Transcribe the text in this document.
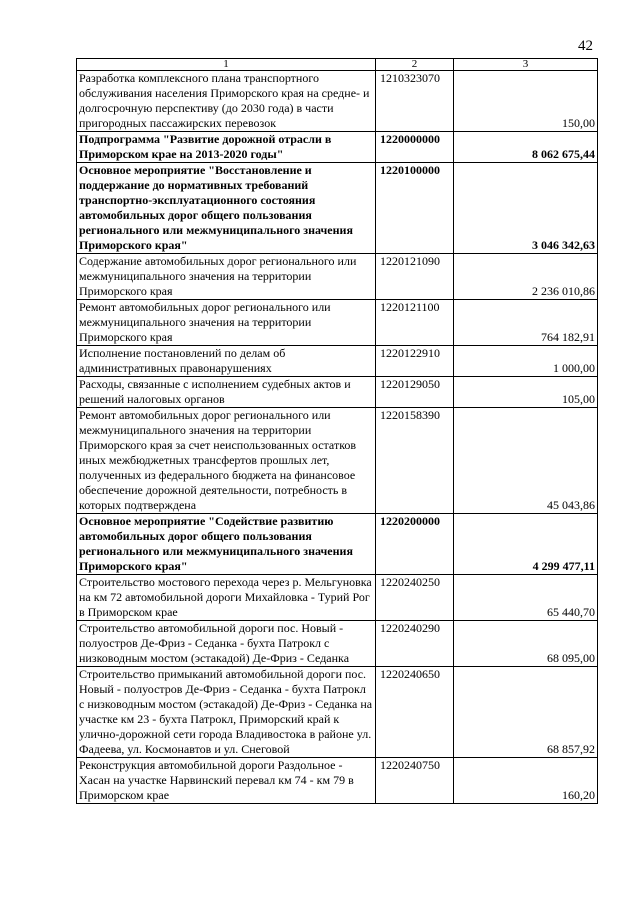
42
1	2	3
Разработка комплексного плана транспортного обслуживания населения Приморского края на средне- и долгосрочную перспективу (до 2030 года) в части пригородных пассажирских перевозок	1210323070	150,00
Подпрограмма "Развитие дорожной отрасли в Приморском крае на 2013-2020 годы"	1220000000	8 062 675,44
Основное мероприятие "Восстановление и поддержание до нормативных требований транспортно-эксплуатационного состояния автомобильных дорог общего пользования регионального или межмуниципального значения Приморского края"	1220100000	3 046 342,63
Содержание автомобильных дорог регионального или межмуниципального значения на территории Приморского края	1220121090	2 236 010,86
Ремонт автомобильных дорог регионального или межмуниципального значения на территории Приморского края	1220121100	764 182,91
Исполнение постановлений по делам об административных правонарушениях	1220122910	1 000,00
Расходы, связанные с исполнением судебных актов и решений налоговых органов	1220129050	105,00
Ремонт автомобильных дорог регионального или межмуниципального значения на территории Приморского края за счет неиспользованных остатков иных межбюджетных трансфертов прошлых лет, полученных из федерального бюджета на финансовое обеспечение дорожной деятельности, потребность в которых подтверждена	1220158390	45 043,86
Основное мероприятие "Содействие развитию автомобильных дорог общего пользования регионального или межмуниципального значения Приморского края"	1220200000	4 299 477,11
Строительство мостового перехода через р. Мельгуновка на км 72 автомобильной дороги Михайловка - Турий Рог в Приморском крае	1220240250	65 440,70
Строительство автомобильной дороги пос. Новый - полуостров Де-Фриз - Седанка - бухта Патрокл с низководным мостом (эстакадой) Де-Фриз - Седанка	1220240290	68 095,00
Строительство примыканий автомобильной дороги пос. Новый - полуостров Де-Фриз - Седанка - бухта Патрокл с низководным мостом (эстакадой) Де-Фриз - Седанка на участке км 23 - бухта Патрокл, Приморский край к улично-дорожной сети города Владивостока в районе ул. Фадеева, ул. Космонавтов и ул. Снеговой	1220240650	68 857,92
Реконструкция автомобильной дороги Раздольное - Хасан на участке Нарвинский перевал км 74 - км 79 в Приморском крае	1220240750	160,20
